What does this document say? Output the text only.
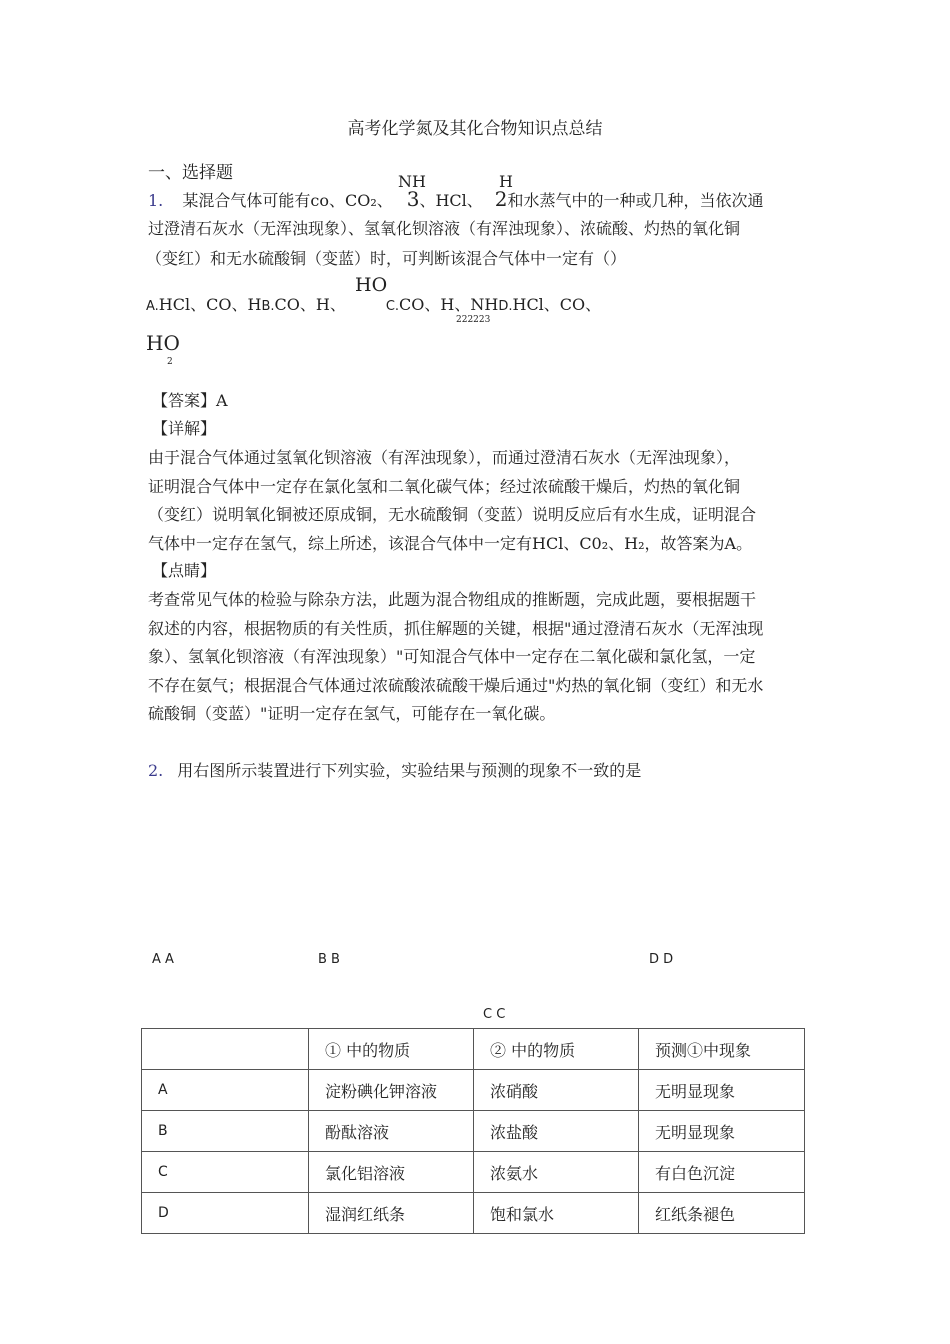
高考化学氮及其化合物知识点总结
一、选择题	NH	H
1. 某混合气体可能有co、CO₂、 3、HCl、 2和水蒸气中的一种或几种，当依次通
过澄清石灰水（无浑浊现象）、氢氧化钡溶液（有浑浊现象）、浓硫酸、灼热的氧化铜
（变红）和无水硫酸铜（变蓝）时，可判断该混合气体中一定有（）
HO
A.HCl、CO、HB.CO、H、	C.CO、H、NHD.HCl、CO、
222223
HO
2
【答案】A
【详解】
由于混合气体通过氢氧化钡溶液（有浑浊现象），而通过澄清石灰水（无浑浊现象），
证明混合气体中一定存在氯化氢和二氧化碳气体；经过浓硫酸干燥后，灼热的氧化铜
（变红）说明氧化铜被还原成铜，无水硫酸铜（变蓝）说明反应后有水生成，证明混合
气体中一定存在氢气，综上所述，该混合气体中一定有HCl、C0₂、H₂，故答案为A。
【点睛】
考查常见气体的检验与除杂方法，此题为混合物组成的推断题，完成此题，要根据题干
叙述的内容，根据物质的有关性质，抓住解题的关键，根据"通过澄清石灰水（无浑浊现
象）、氢氧化钡溶液（有浑浊现象）"可知混合气体中一定存在二氧化碳和氯化氢，一定
不存在氨气；根据混合气体通过浓硫酸浓硫酸干燥后通过"灼热的氧化铜（变红）和无水
硫酸铜（变蓝）"证明一定存在氢气，可能存在一氧化碳。
2. 用右图所示装置进行下列实验，实验结果与预测的现象不一致的是
A A	B B	D D
C C
	① 中的物质	② 中的物质	预测①中现象
A	淀粉碘化钾溶液	浓硝酸	无明显现象
B	酚酞溶液	浓盐酸	无明显现象
C	氯化铝溶液	浓氨水	有白色沉淀
D	湿润红纸条	饱和氯水	红纸条褪色
